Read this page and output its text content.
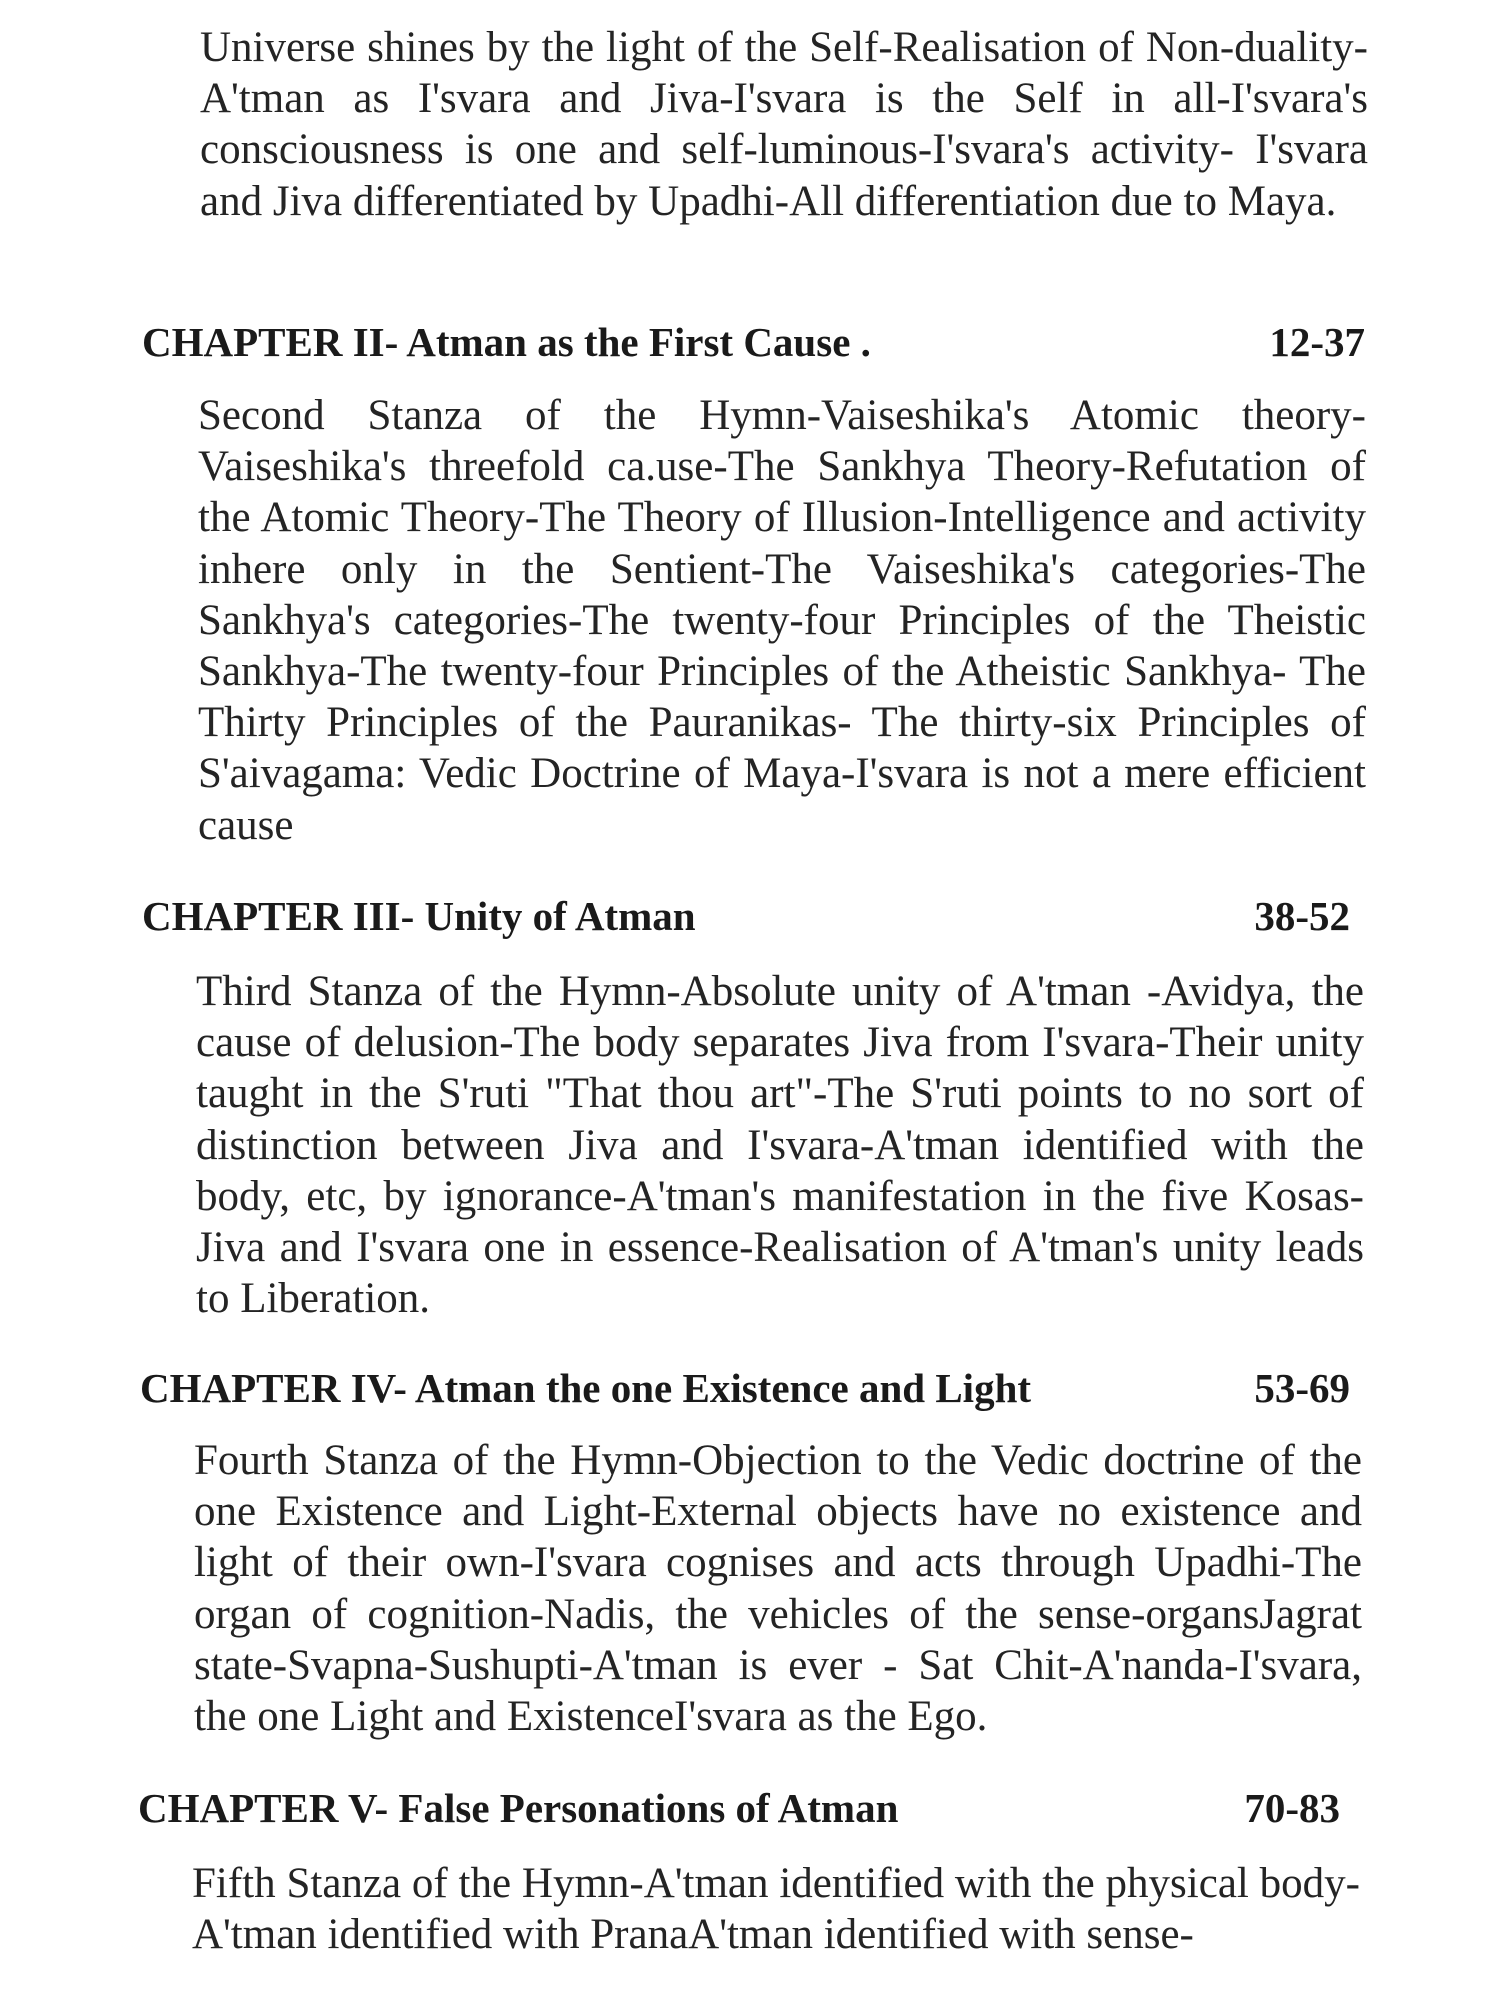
Universe shines by the light of the Self-Realisation of Non-duality-A'tman as I'svara and Jiva-I'svara is the Self in all-I'svara's consciousness is one and self-luminous-I'svara's activity- I'svara and Jiva differentiated by Upadhi-All differentiation due to Maya.

CHAPTER II- Atman as the First Cause .	12-37

Second Stanza of the Hymn-Vaiseshika's Atomic theory-Vaiseshika's threefold ca.use-The Sankhya Theory-Refutation of the Atomic Theory-The Theory of Illusion-Intelligence and activity inhere only in the Sentient-The Vaiseshika's categories-The Sankhya's categories-The twenty-four Principles of the Theistic Sankhya-The twenty-four Principles of the Atheistic Sankhya- The Thirty Principles of the Pauranikas- The thirty-six Principles of S'aivagama: Vedic Doctrine of Maya-I'svara is not a mere efficient cause

CHAPTER III- Unity of Atman	38-52

Third Stanza of the Hymn-Absolute unity of A'tman -Avidya, the cause of delusion-The body separates Jiva from I'svara-Their unity taught in the S'ruti "That thou art"-The S'ruti points to no sort of distinction between Jiva and I'svara-A'tman identified with the body, etc, by ignorance-A'tman's manifestation in the five Kosas-Jiva and I'svara one in essence-Realisation of A'tman's unity leads to Liberation.

CHAPTER IV- Atman the one Existence and Light	53-69

Fourth Stanza of the Hymn-Objection to the Vedic doctrine of the one Existence and Light-External objects have no existence and light of their own-I'svara cognises and acts through Upadhi-The organ of cognition-Nadis, the vehicles of the sense-organsJagrat state-Svapna-Sushupti-A'tman is ever - Sat Chit-A'nanda-I'svara, the one Light and ExistenceI'svara as the Ego.

CHAPTER V- False Personations of Atman	70-83

Fifth Stanza of the Hymn-A'tman identified with the physical body-A'tman identified with PranaA'tman identified with sense-
